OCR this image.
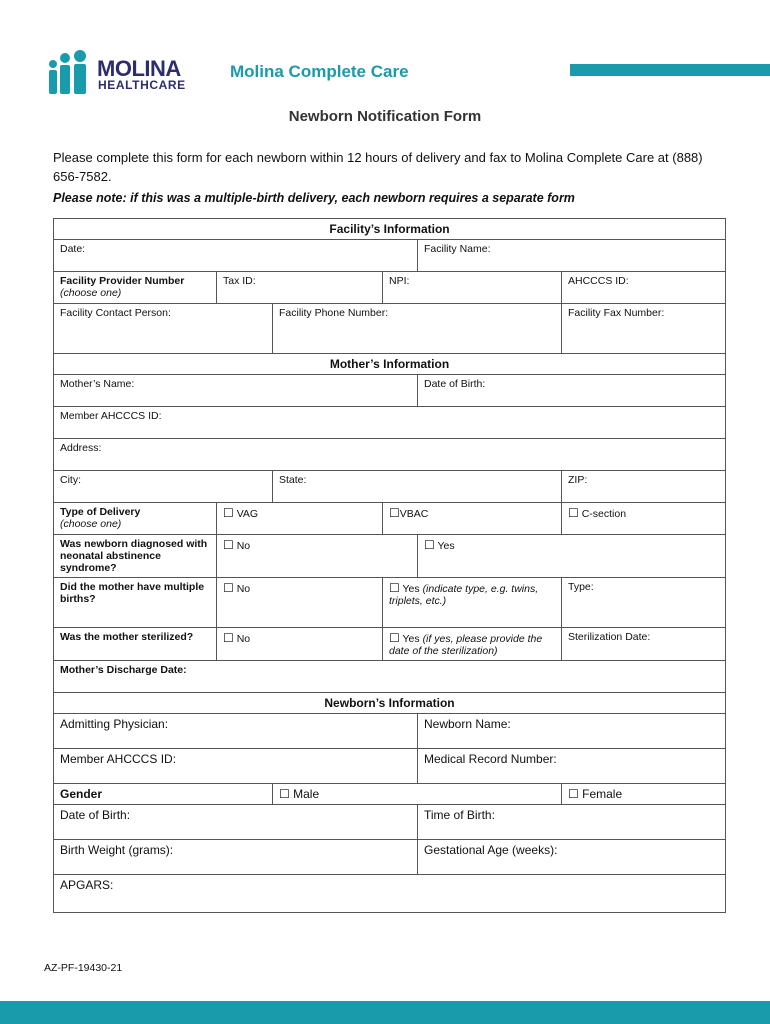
MOLINA
HEALTHCARE
Molina Complete Care
Newborn Notification Form
Please complete this form for each newborn within 12 hours of delivery and fax to Molina Complete Care at (888) 656-7582.
Please note: if this was a multiple-birth delivery, each newborn requires a separate form
Facility’s Information					
Date:				Facility Name:	

Facility Provider Number
(choose one)	Tax ID:		NPI:		AHCCCS ID:
Facility Contact Person:		Facility Phone Number:			Facility Fax Number:
Mother’s Information					
Mother’s Name:				Date of Birth:	
Member AHCCCS ID:					
Address:					
City:		State:			ZIP:

Type of Delivery
(choose one)	☐ VAG		☐VBAC		☐ C-section
Was newborn diagnosed with neonatal abstinence syndrome?	☐ No			☐ Yes	
Did the mother have multiple births?	☐ No		☐ Yes (indicate type, e.g. twins, triplets, etc.)		Type:
Was the mother sterilized?	☐ No		☐ Yes (if yes, please provide the date of the sterilization)		Sterilization Date:
Mother’s Discharge Date:					
Newborn’s Information					
Admitting Physician:				Newborn Name:	
Member AHCCCS ID:				Medical Record Number:	
Gender		☐ Male			☐ Female
Date of Birth:				Time of Birth:	
Birth Weight (grams):				Gestational Age (weeks):	
APGARS:					
AZ-PF-19430-21
